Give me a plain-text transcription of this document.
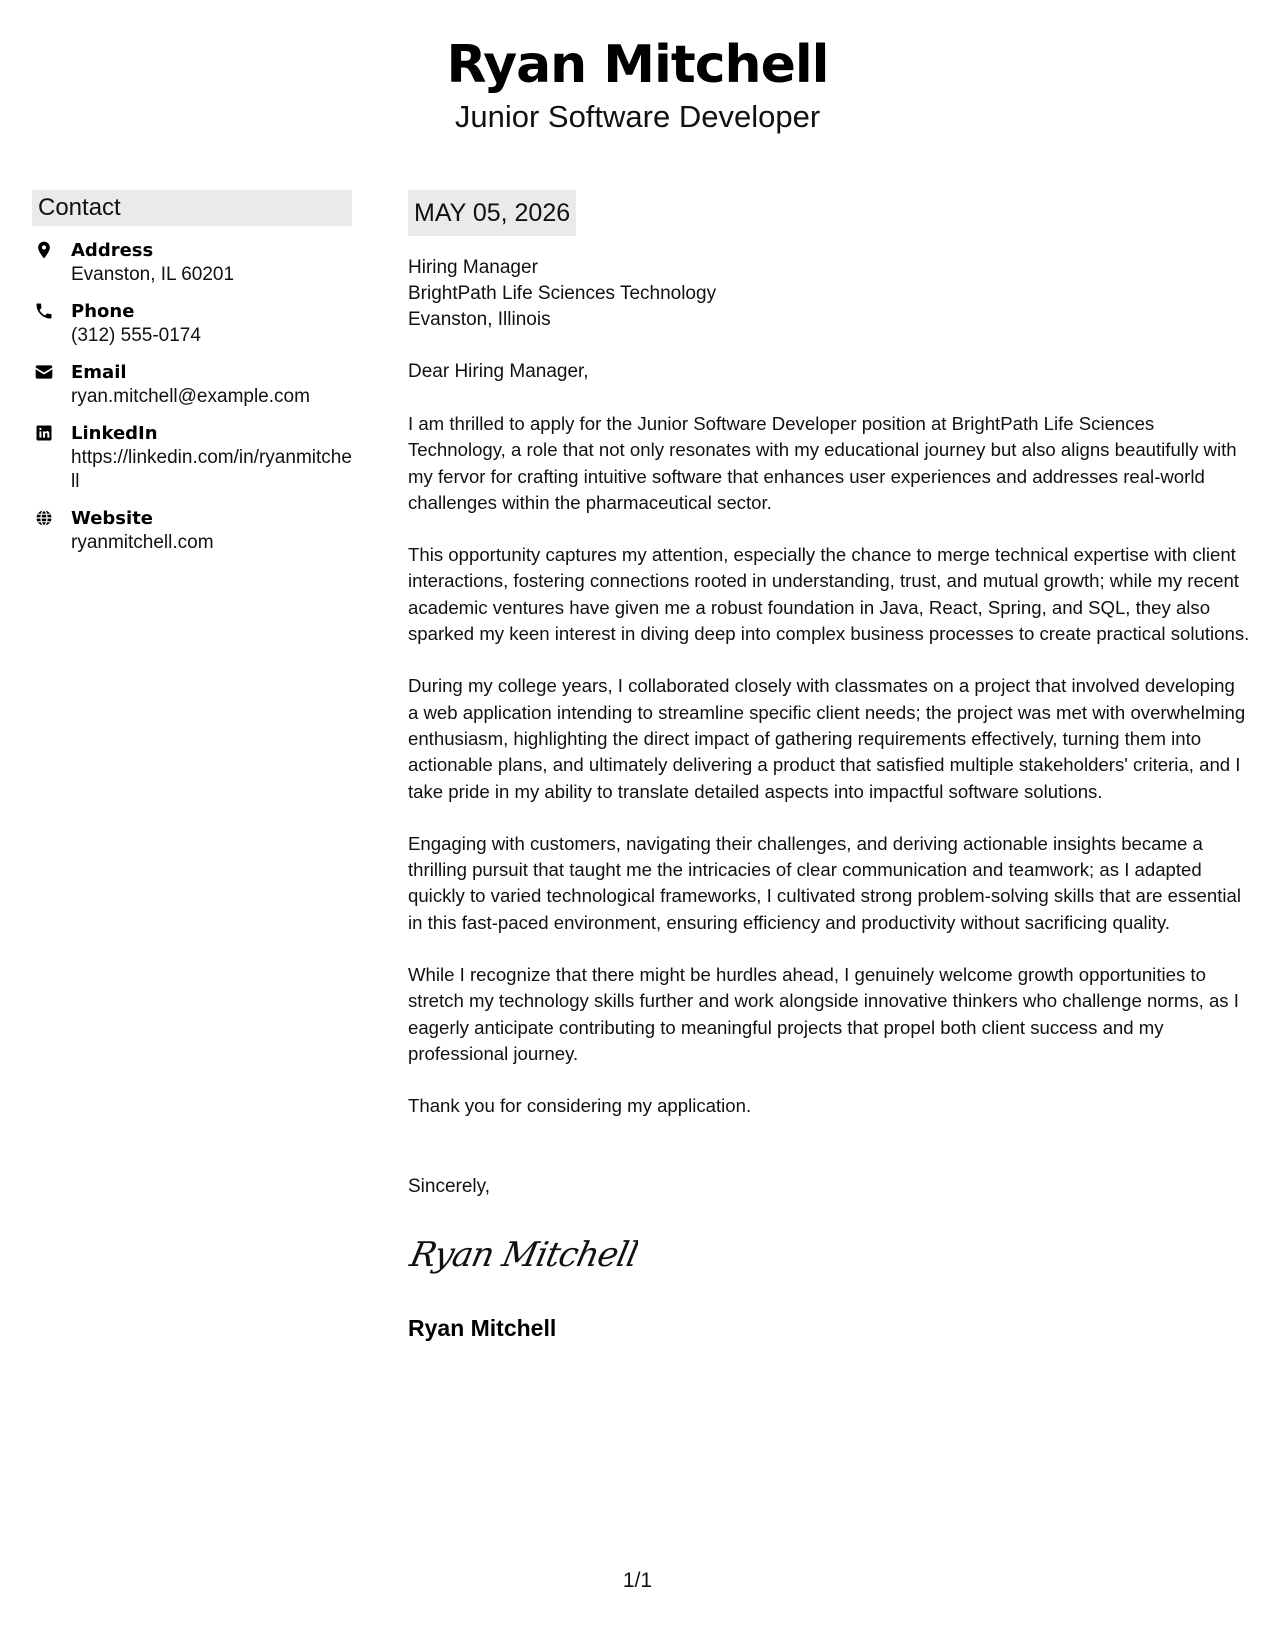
Ryan Mitchell
Junior Software Developer
Contact
Address
Evanston, IL 60201
Phone
(312) 555-0174
Email
ryan.mitchell@example.com
LinkedIn
https://linkedin.com/in/ryanmitchell
Website
ryanmitchell.com
MAY 05, 2026
Hiring Manager
BrightPath Life Sciences Technology
Evanston, Illinois
Dear Hiring Manager,

I am thrilled to apply for the Junior Software Developer position at BrightPath Life Sciences Technology, a role that not only resonates with my educational journey but also aligns beautifully with my fervor for crafting intuitive software that enhances user experiences and addresses real-world challenges within the pharmaceutical sector.

This opportunity captures my attention, especially the chance to merge technical expertise with client interactions, fostering connections rooted in understanding, trust, and mutual growth; while my recent academic ventures have given me a robust foundation in Java, React, Spring, and SQL, they also sparked my keen interest in diving deep into complex business processes to create practical solutions.

During my college years, I collaborated closely with classmates on a project that involved developing a web application intending to streamline specific client needs; the project was met with overwhelming enthusiasm, highlighting the direct impact of gathering requirements effectively, turning them into actionable plans, and ultimately delivering a product that satisfied multiple stakeholders' criteria, and I take pride in my ability to translate detailed aspects into impactful software solutions.

Engaging with customers, navigating their challenges, and deriving actionable insights became a thrilling pursuit that taught me the intricacies of clear communication and teamwork; as I adapted quickly to varied technological frameworks, I cultivated strong problem-solving skills that are essential in this fast-paced environment, ensuring efficiency and productivity without sacrificing quality.

While I recognize that there might be hurdles ahead, I genuinely welcome growth opportunities to stretch my technology skills further and work alongside innovative thinkers who challenge norms, as I eagerly anticipate contributing to meaningful projects that propel both client success and my professional journey.

Thank you for considering my application.

Sincerely,
Ryan Mitchell
Ryan Mitchell
1/1
